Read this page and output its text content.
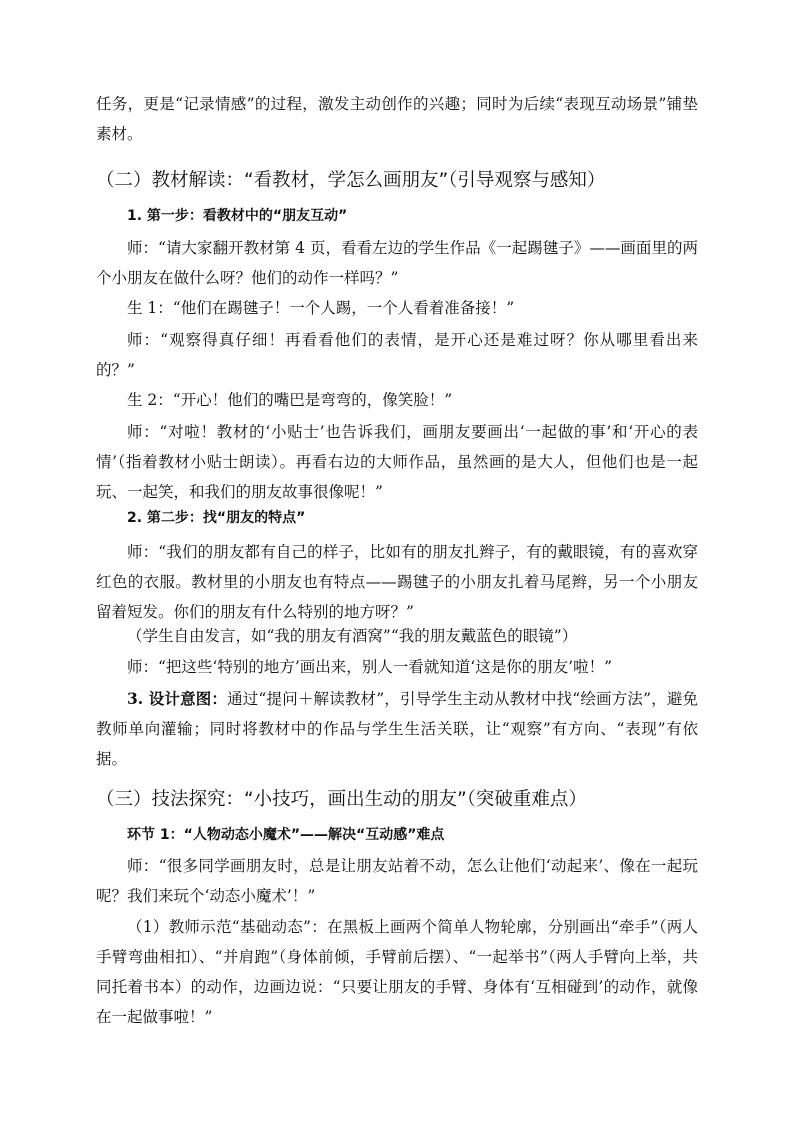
任务，更是“记录情感”的过程，激发主动创作的兴趣；同时为后续“表现互动场景”铺垫素材。

（二）教材解读：“看教材，学怎么画朋友”（引导观察与感知）
1. 第一步：看教材中的“朋友互动”

师：“请大家翻开教材第 4 页，看看左边的学生作品《一起踢毽子》——画面里的两个小朋友在做什么呀？他们的动作一样吗？”

生 1：“他们在踢毽子！一个人踢，一个人看着准备接！”

师：“观察得真仔细！再看看他们的表情，是开心还是难过呀？你从哪里看出来的？”

生 2：“开心！他们的嘴巴是弯弯的，像笑脸！”

师：“对啦！教材的‘小贴士’也告诉我们，画朋友要画出‘一起做的事’和‘开心的表情’（指着教材小贴士朗读）。再看右边的大师作品，虽然画的是大人，但他们也是一起玩、一起笑，和我们的朋友故事很像呢！”

2. 第二步：找“朋友的特点”

师：“我们的朋友都有自己的样子，比如有的朋友扎辫子，有的戴眼镜，有的喜欢穿红色的衣服。教材里的小朋友也有特点——踢毽子的小朋友扎着马尾辫，另一个小朋友留着短发。你们的朋友有什么特别的地方呀？”

（学生自由发言，如“我的朋友有酒窝”“我的朋友戴蓝色的眼镜”）

师：“把这些‘特别的地方’画出来，别人一看就知道‘这是你的朋友’啦！”

3. 设计意图：通过“提问＋解读教材”，引导学生主动从教材中找“绘画方法”，避免教师单向灌输；同时将教材中的作品与学生生活关联，让“观察”有方向、“表现”有依据。

（三）技法探究：“小技巧，画出生动的朋友”（突破重难点）
环节 1：“人物动态小魔术”——解决“互动感”难点

师：“很多同学画朋友时，总是让朋友站着不动，怎么让他们‘动起来’、像在一起玩呢？我们来玩个‘动态小魔术’！”

（1）教师示范“基础动态”：在黑板上画两个简单人物轮廓，分别画出“牵手”（两人手臂弯曲相扣）、“并肩跑”（身体前倾，手臂前后摆）、“一起举书”（两人手臂向上举，共同托着书本）的动作，边画边说：“只要让朋友的手臂、身体有‘互相碰到’的动作，就像在一起做事啦！”
